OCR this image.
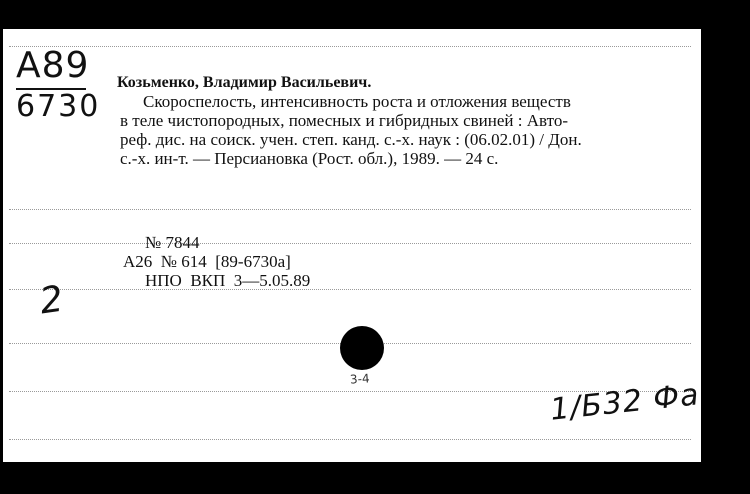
А89
6730
Козьменко, Владимир Васильевич.
Скороспелость, интенсивность роста и отложения веществ
в теле чистопородных, помесных и гибридных свиней : Авто-
реф. дис. на соиск. учен. степ. канд. с.-х. наук : (06.02.01) / Дон.
с.-х. ин-т. — Персиановка (Рост. обл.), 1989. — 24 с.
№ 7844
А26  № 614  [89-6730а]
НПО  ВКП  3—5.05.89
2
3-4	1/Б32 Фа
